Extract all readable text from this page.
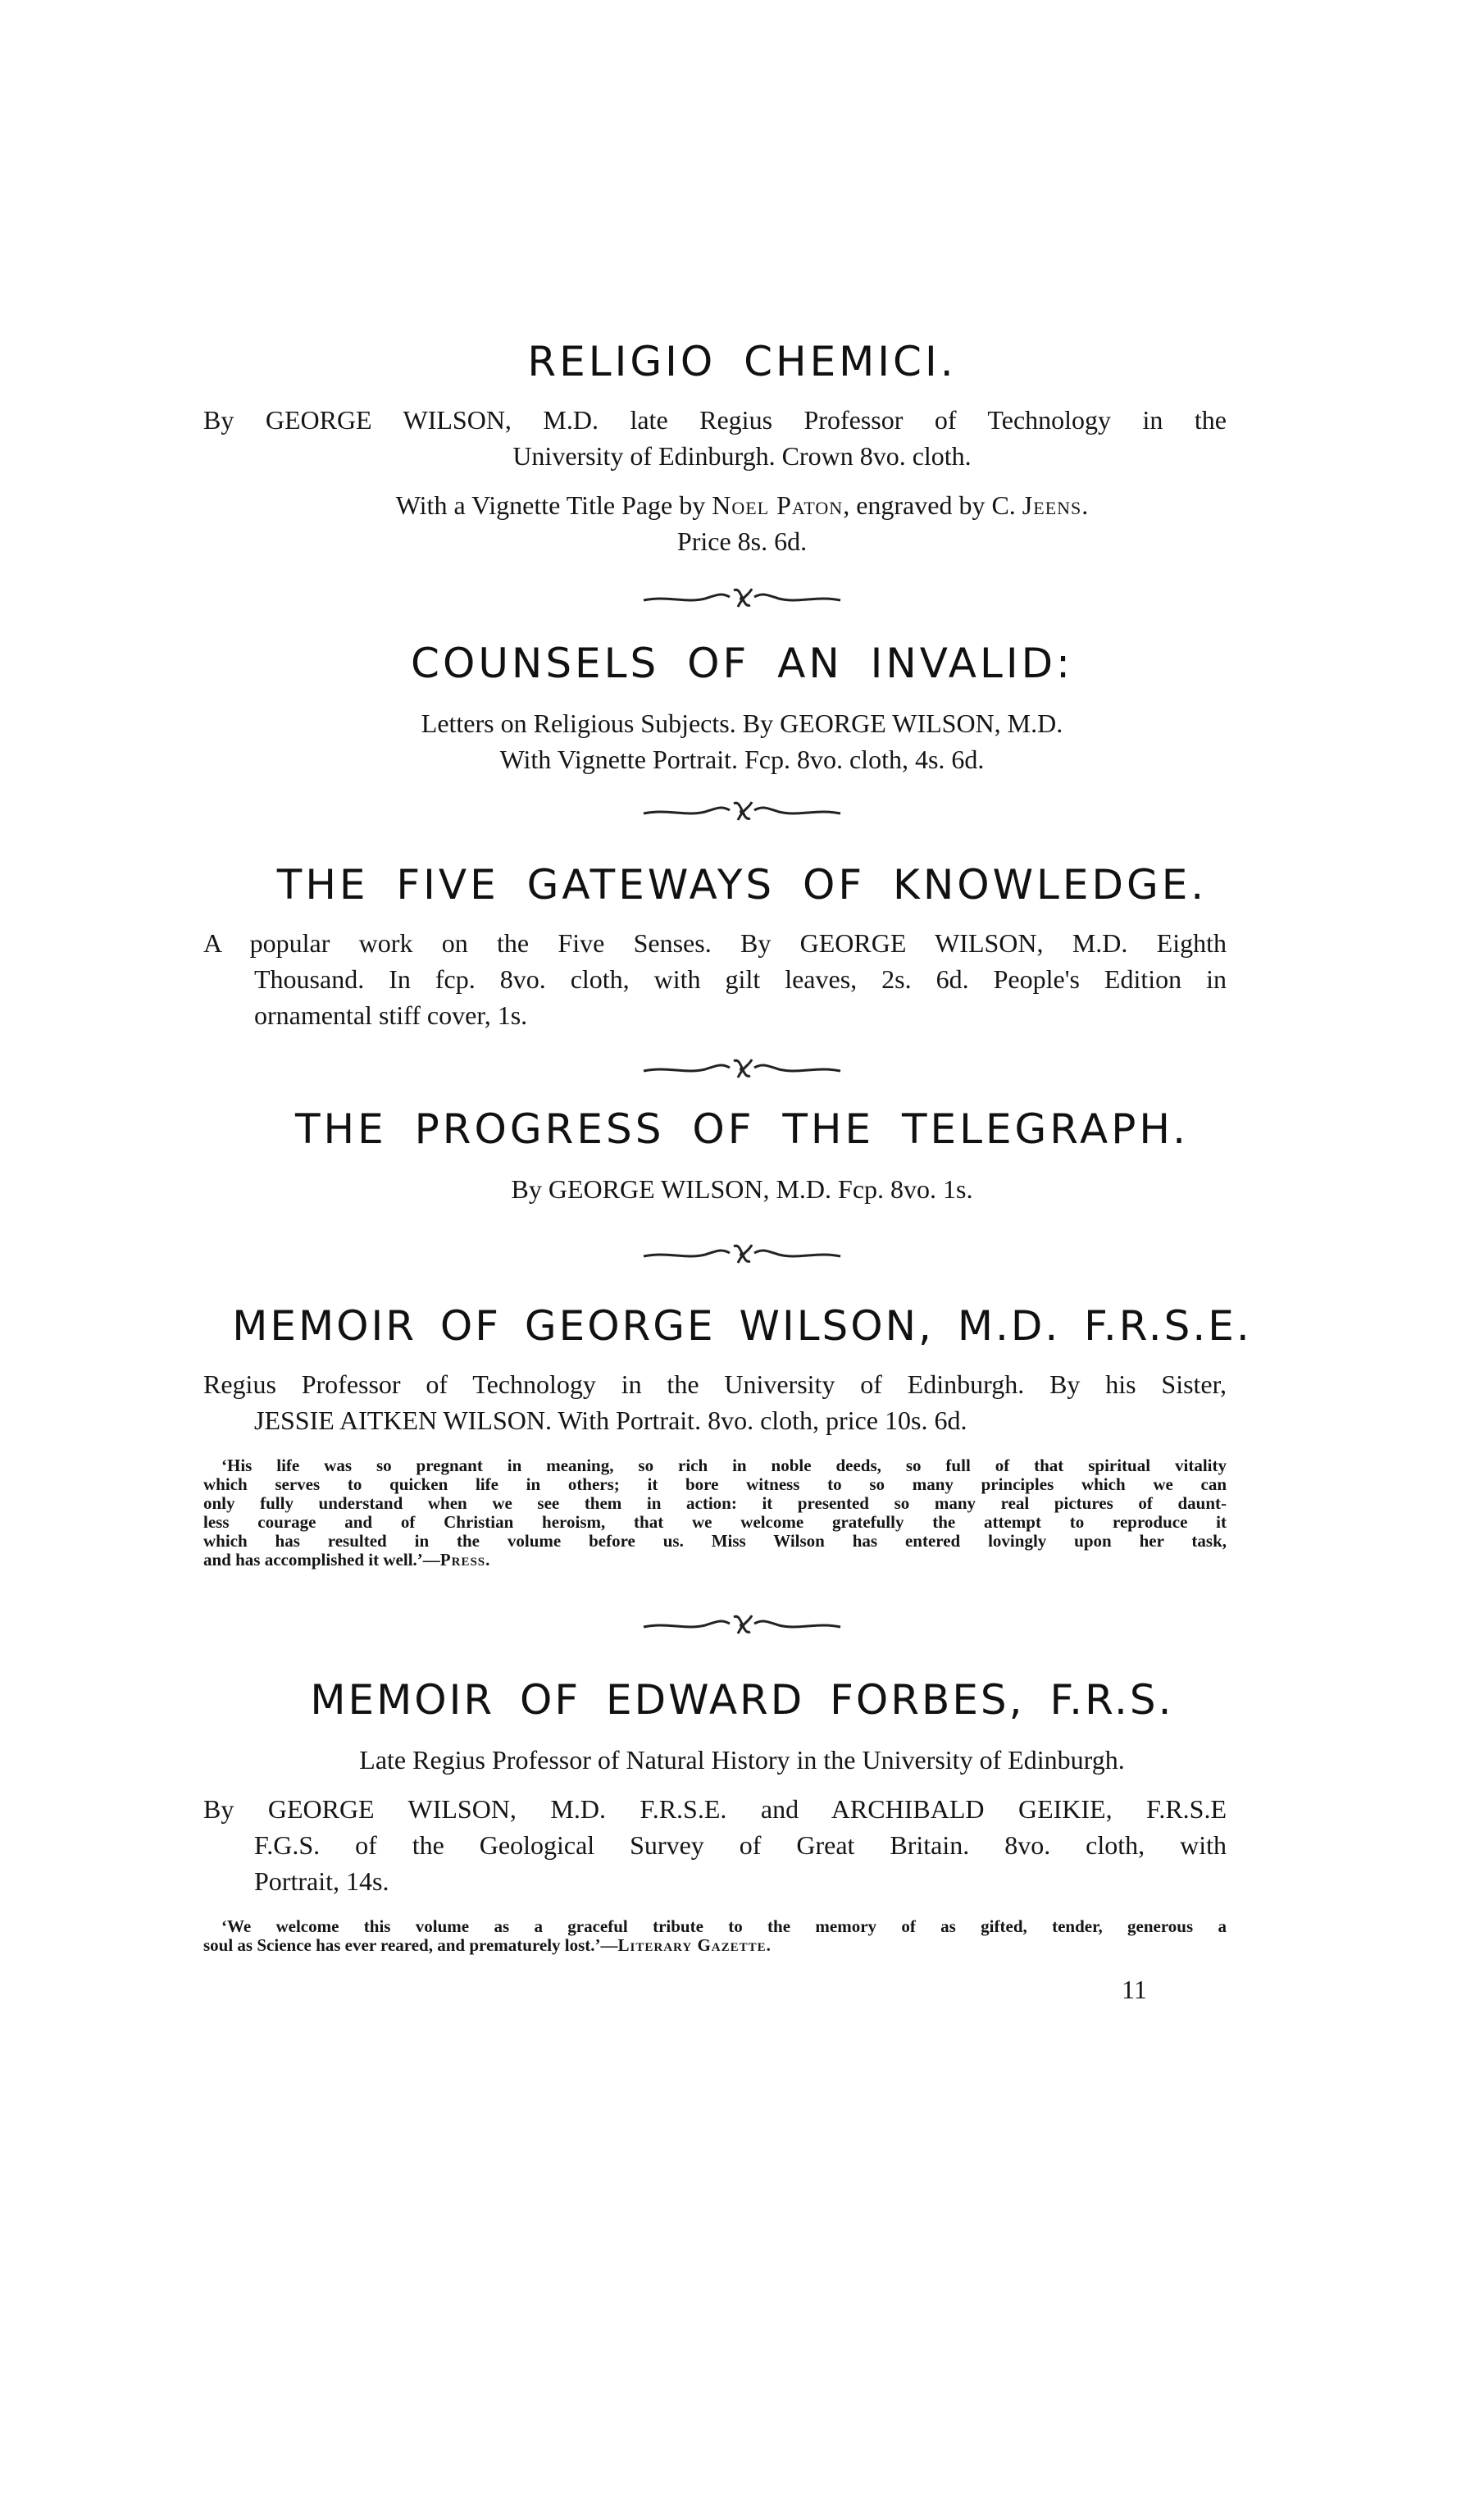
RELIGIO CHEMICI.

By GEORGE WILSON, M.D. late Regius Professor of Technology in the

University of Edinburgh. Crown 8vo. cloth.

With a Vignette Title Page by Noel Paton, engraved by C. Jeens.

Price 8s. 6d.

COUNSELS OF AN INVALID:

Letters on Religious Subjects. By GEORGE WILSON, M.D.

With Vignette Portrait. Fcp. 8vo. cloth, 4s. 6d.

THE FIVE GATEWAYS OF KNOWLEDGE.

A popular work on the Five Senses. By GEORGE WILSON, M.D. Eighth

Thousand. In fcp. 8vo. cloth, with gilt leaves, 2s. 6d. People's Edition in

ornamental stiff cover, 1s.

THE PROGRESS OF THE TELEGRAPH.

By GEORGE WILSON, M.D. Fcp. 8vo. 1s.

MEMOIR OF GEORGE WILSON, M.D. F.R.S.E.

Regius Professor of Technology in the University of Edinburgh. By his Sister,

JESSIE AITKEN WILSON. With Portrait. 8vo. cloth, price 10s. 6d.

‘His life was so pregnant in meaning, so rich in noble deeds, so full of that spiritual vitality

which serves to quicken life in others; it bore witness to so many principles which we can

only fully understand when we see them in action: it presented so many real pictures of daunt-

less courage and of Christian heroism, that we welcome gratefully the attempt to reproduce it

which has resulted in the volume before us. Miss Wilson has entered lovingly upon her task,

and has accomplished it well.’—Press.

MEMOIR OF EDWARD FORBES, F.R.S.

Late Regius Professor of Natural History in the University of Edinburgh.

By GEORGE WILSON, M.D. F.R.S.E. and ARCHIBALD GEIKIE, F.R.S.E

F.G.S. of the Geological Survey of Great Britain. 8vo. cloth, with

Portrait, 14s.

‘We welcome this volume as a graceful tribute to the memory of as gifted, tender, generous a

soul as Science has ever reared, and prematurely lost.’—Literary Gazette.

11
